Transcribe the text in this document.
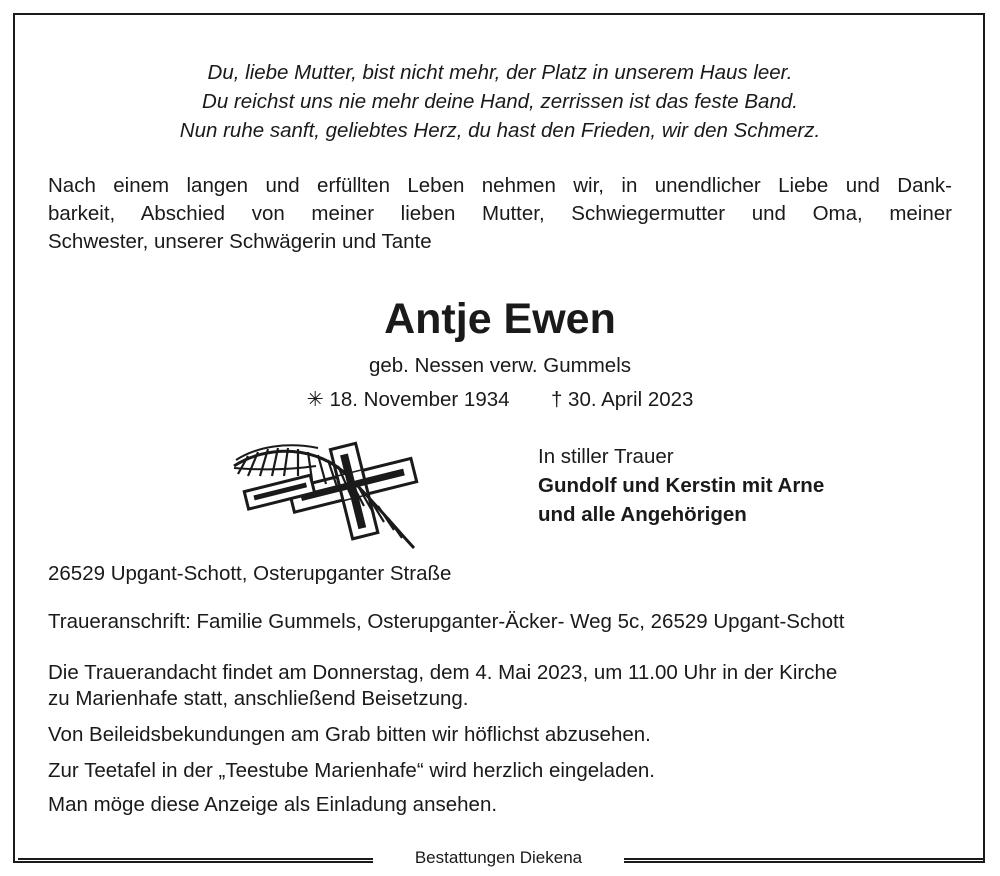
Du, liebe Mutter, bist nicht mehr, der Platz in unserem Haus leer.
Du reichst uns nie mehr deine Hand, zerrissen ist das feste Band.
Nun ruhe sanft, geliebtes Herz, du hast den Frieden, wir den Schmerz.
Nach einem langen und erfüllten Leben nehmen wir, in unendlicher Liebe und Dank-
barkeit, Abschied von meiner lieben Mutter, Schwiegermutter und Oma, meiner
Schwester, unserer Schwägerin und Tante
Antje Ewen
geb. Nessen verw. Gummels
✳ 18. November 1934 † 30. April 2023
In stiller Trauer
Gundolf und Kerstin mit Arne
und alle Angehörigen
26529 Upgant-Schott, Osterupganter Straße
Traueranschrift: Familie Gummels, Osterupganter-Äcker- Weg 5c, 26529 Upgant-Schott
Die Trauerandacht findet am Donnerstag, dem 4. Mai 2023, um 11.00 Uhr in der Kirche
zu Marienhafe statt, anschließend Beisetzung.
Von Beileidsbekundungen am Grab bitten wir höflichst abzusehen.
Zur Teetafel in der „Teestube Marienhafe“ wird herzlich eingeladen.
Man möge diese Anzeige als Einladung ansehen.
Bestattungen Diekena
